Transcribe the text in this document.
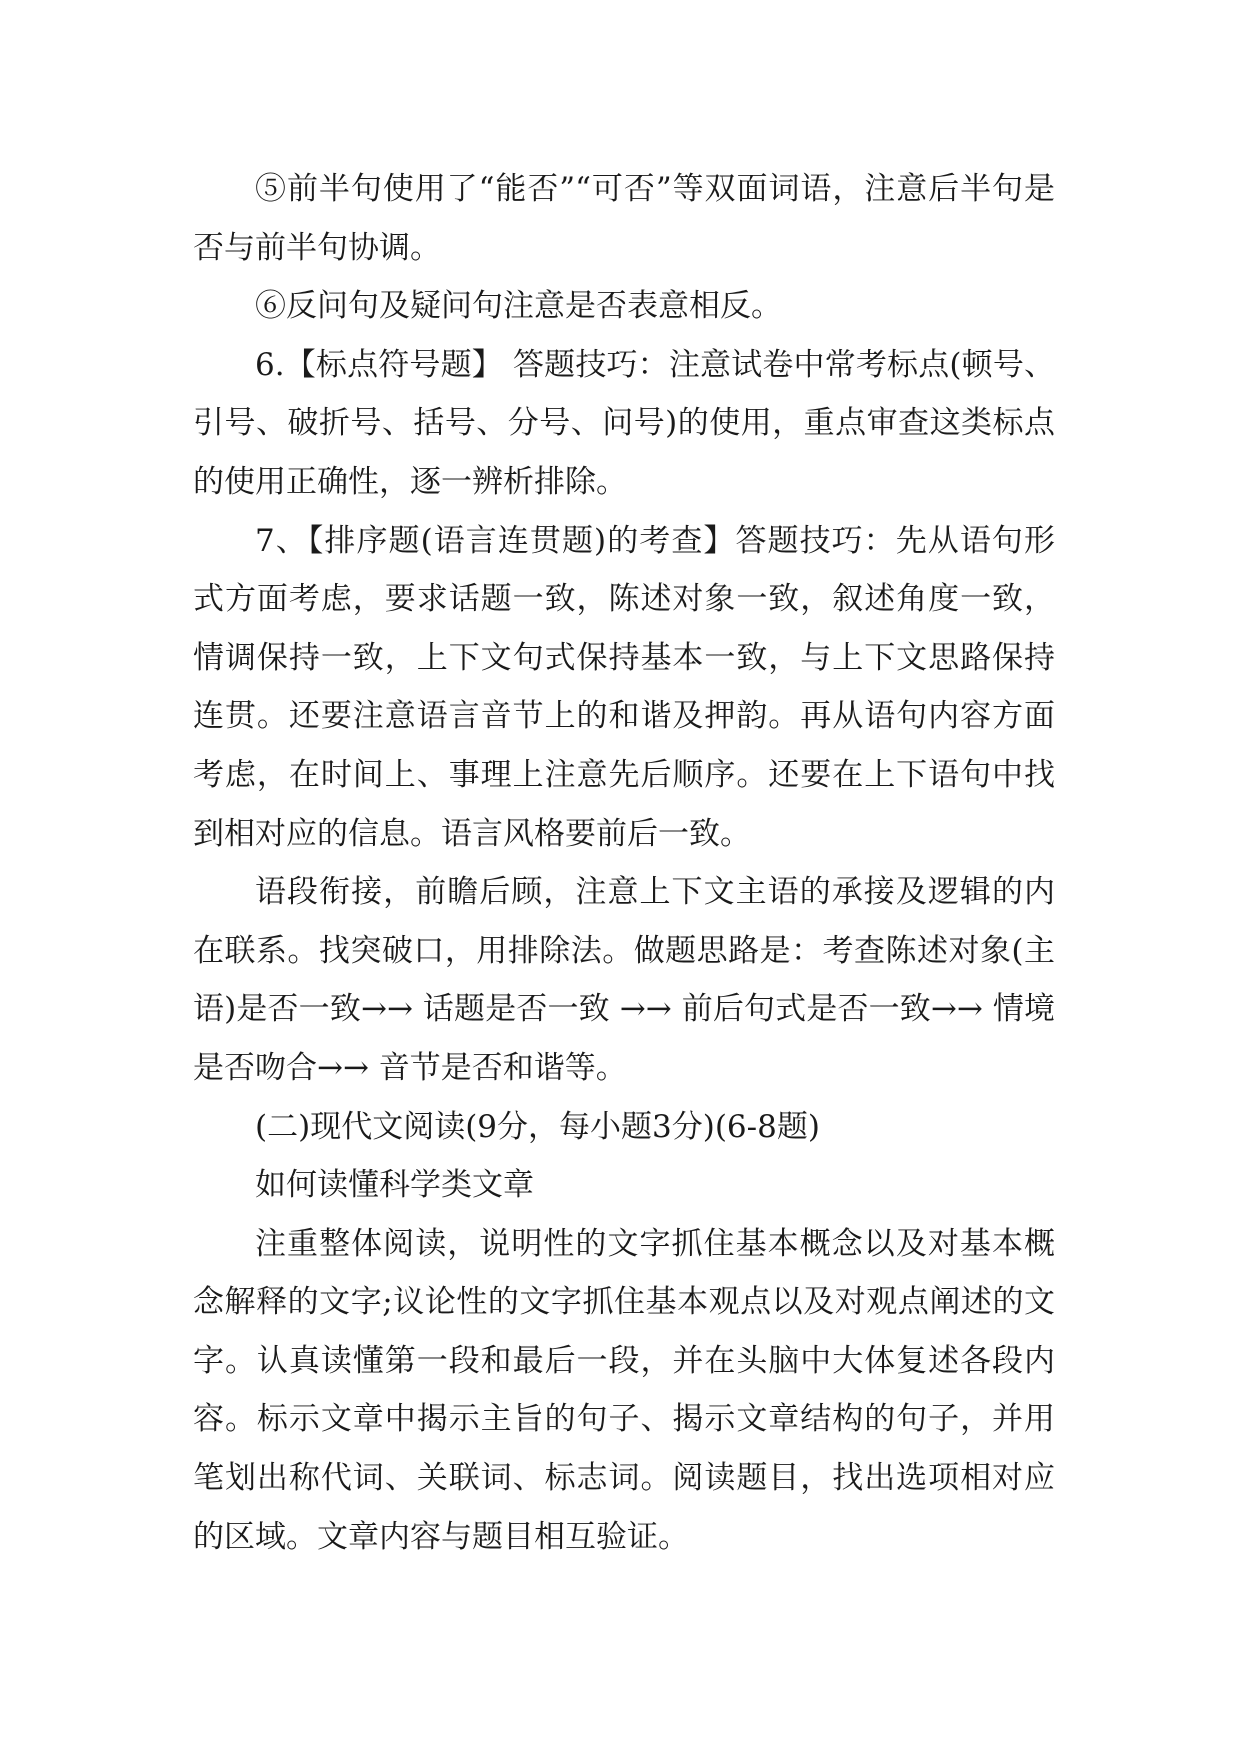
⑤前半句使用了“能否”“可否”等双面词语，注意后半句是否与前半句协调。

⑥反问句及疑问句注意是否表意相反。

6.【标点符号题】 答题技巧：注意试卷中常考标点(顿号、引号、破折号、括号、分号、问号)的使用，重点审查这类标点的使用正确性，逐一辨析排除。

7、【排序题(语言连贯题)的考查】答题技巧：先从语句形式方面考虑，要求话题一致，陈述对象一致，叙述角度一致，情调保持一致，上下文句式保持基本一致，与上下文思路保持连贯。还要注意语言音节上的和谐及押韵。再从语句内容方面考虑，在时间上、事理上注意先后顺序。还要在上下语句中找到相对应的信息。语言风格要前后一致。

语段衔接，前瞻后顾，注意上下文主语的承接及逻辑的内在联系。找突破口，用排除法。做题思路是：考查陈述对象(主语)是否一致→→ 话题是否一致 →→ 前后句式是否一致→→ 情境是否吻合→→ 音节是否和谐等。

(二)现代文阅读(9分，每小题3分)(6-8题)

如何读懂科学类文章

注重整体阅读，说明性的文字抓住基本概念以及对基本概念解释的文字;议论性的文字抓住基本观点以及对观点阐述的文字。认真读懂第一段和最后一段，并在头脑中大体复述各段内容。标示文章中揭示主旨的句子、揭示文章结构的句子，并用笔划出称代词、关联词、标志词。阅读题目，找出选项相对应的区域。文章内容与题目相互验证。
